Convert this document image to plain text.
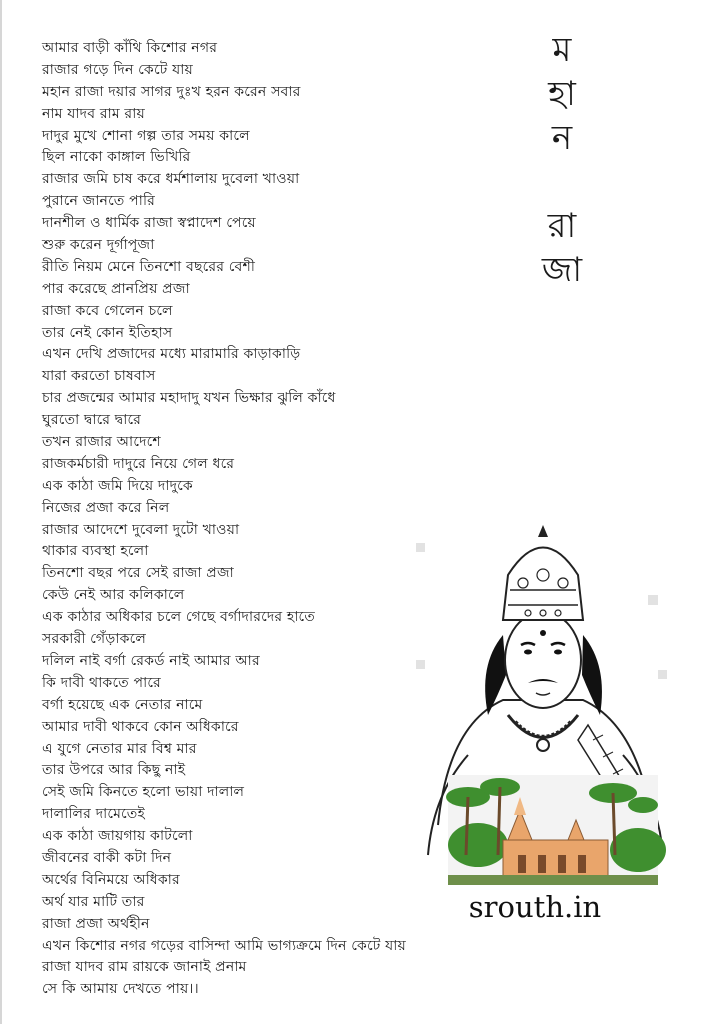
আমার বাড়ী কাঁথি কিশোর নগর
রাজার গড়ে দিন কেটে যায়
মহান রাজা দয়ার সাগর দুঃখ হরন করেন সবার
নাম যাদব রাম রায়
দাদুর মুখে শোনা গল্প তার সময় কালে
ছিল নাকো কাঙ্গাল ভিখিরি
রাজার জমি চাষ করে ধর্মশালায় দুবেলা খাওয়া
পুরানে জানতে পারি
দানশীল ও ধার্মিক রাজা স্বপ্নাদেশ পেয়ে
শুরু করেন দূর্গাপূজা
রীতি নিয়ম মেনে তিনশো বছরের বেশী
পার করেছে প্রানপ্রিয় প্রজা
রাজা কবে গেলেন চলে
তার নেই কোন ইতিহাস
এখন দেখি প্রজাদের মধ্যে মারামারি কাড়াকাড়ি
যারা করতো চাষবাস
চার প্রজন্মের আমার মহাদাদু যখন ভিক্ষার ঝুলি কাঁধে
ঘুরতো দ্বারে দ্বারে
তখন রাজার আদেশে
রাজকর্মচারী দাদুরে নিয়ে গেল ধরে
এক কাঠা জমি দিয়ে দাদুকে
নিজের প্রজা করে নিল
রাজার আদেশে দুবেলা দুটো খাওয়া
থাকার ব্যবস্থা হলো
তিনশো বছর পরে সেই রাজা প্রজা
কেউ নেই আর কলিকালে
এক কাঠার অধিকার চলে গেছে বর্গাদারদের হাতে
সরকারী গেঁড়াকলে
দলিল নাই বর্গা রেকর্ড নাই আমার আর
কি দাবী থাকতে পারে
বর্গা হয়েছে এক নেতার নামে
আমার দাবী থাকবে কোন অধিকারে
এ যুগে নেতার মার বিশ্ব মার
তার উপরে আর কিছু নাই
সেই জমি কিনতে হলো ভায়া দালাল
দালালির দামেতেই
এক কাঠা জায়গায় কাটলো
জীবনের বাকী কটা দিন
অর্থের বিনিময়ে অধিকার
অর্থ যার মাটি তার
রাজা প্রজা অর্থহীন
এখন কিশোর নগর গড়ের বাসিন্দা আমি ভাগ্যক্রমে দিন কেটে যায়
রাজা যাদব রাম রায়কে জানাই প্রনাম
সে কি আমায় দেখতে পায়।।
ম
হা
ন
রা
জা
srouth.in
